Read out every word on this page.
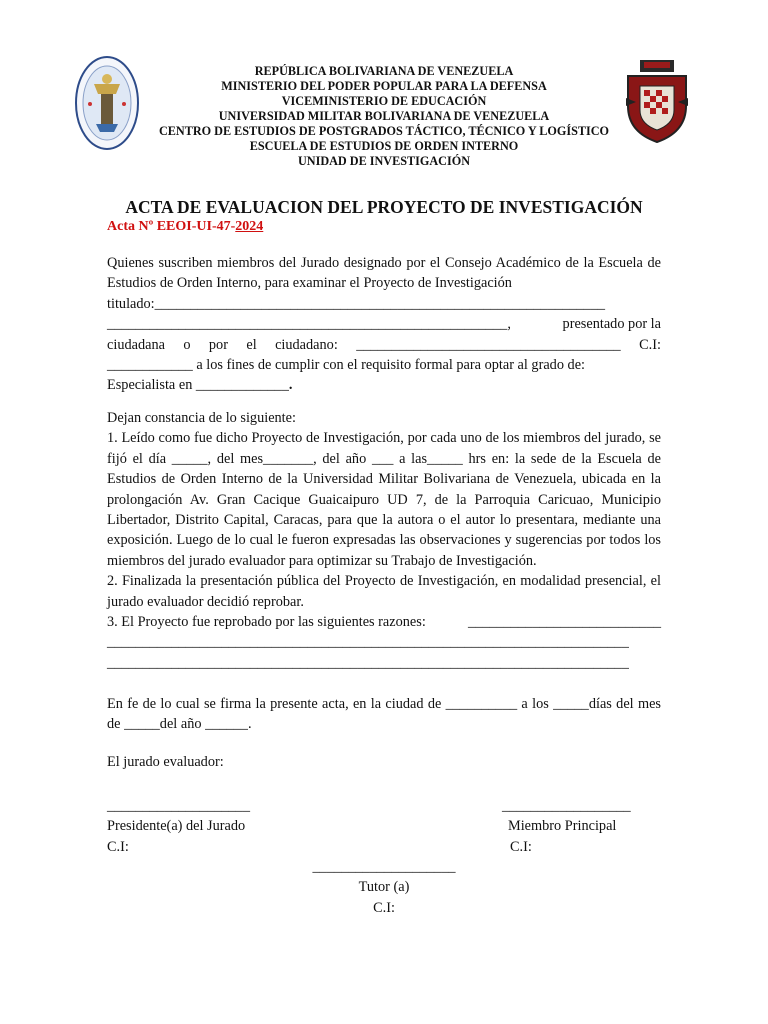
REPÚBLICA BOLIVARIANA DE VENEZUELA
MINISTERIO DEL PODER POPULAR PARA LA DEFENSA
VICEMINISTERIO DE EDUCACIÓN
UNIVERSIDAD MILITAR BOLIVARIANA DE VENEZUELA
CENTRO DE ESTUDIOS DE POSTGRADOS TÁCTICO, TÉCNICO Y LOGÍSTICO
ESCUELA DE ESTUDIOS DE ORDEN INTERNO
UNIDAD DE INVESTIGACIÓN
ACTA DE EVALUACION DEL PROYECTO DE INVESTIGACIÓN
Acta Nº EEOI-UI-47-2024
Quienes suscriben miembros del Jurado designado por el Consejo Académico de la Escuela de Estudios de Orden Interno, para examinar el Proyecto de Investigación
titulado:_______________________________________________________________
________________________________________________________,	presentado por la
ciudadana o por el ciudadano: _____________________________________ C.I:
____________ a los fines de cumplir con el requisito formal para optar al grado de:
Especialista en _____________.
Dejan constancia de lo siguiente:
1. Leído como fue dicho Proyecto de Investigación, por cada uno de los miembros del jurado, se fijó el día _____, del mes_______, del año ___ a las_____ hrs en: la sede de la Escuela de Estudios de Orden Interno de la Universidad Militar Bolivariana de Venezuela, ubicada en la prolongación Av. Gran Cacique Guaicaipuro UD 7, de la Parroquia Caricuao, Municipio Libertador, Distrito Capital, Caracas, para que la autora o el autor lo presentara, mediante una exposición. Luego de lo cual le fueron expresadas las observaciones y sugerencias por todos los miembros del jurado evaluador para optimizar su Trabajo de Investigación.
2. Finalizada la presentación pública del Proyecto de Investigación, en modalidad presencial, el jurado evaluador decidió reprobar.
3. El Proyecto fue reprobado por las siguientes razones:	___________________________
_________________________________________________________________________
_________________________________________________________________________
En fe de lo cual se firma la presente acta, en la ciudad de __________ a los _____días del mes de _____del año ______.
El jurado evaluador:
____________________
Presidente(a) del Jurado
C.I:
__________________
Miembro Principal
C.I:
____________________
Tutor (a)
C.I:
